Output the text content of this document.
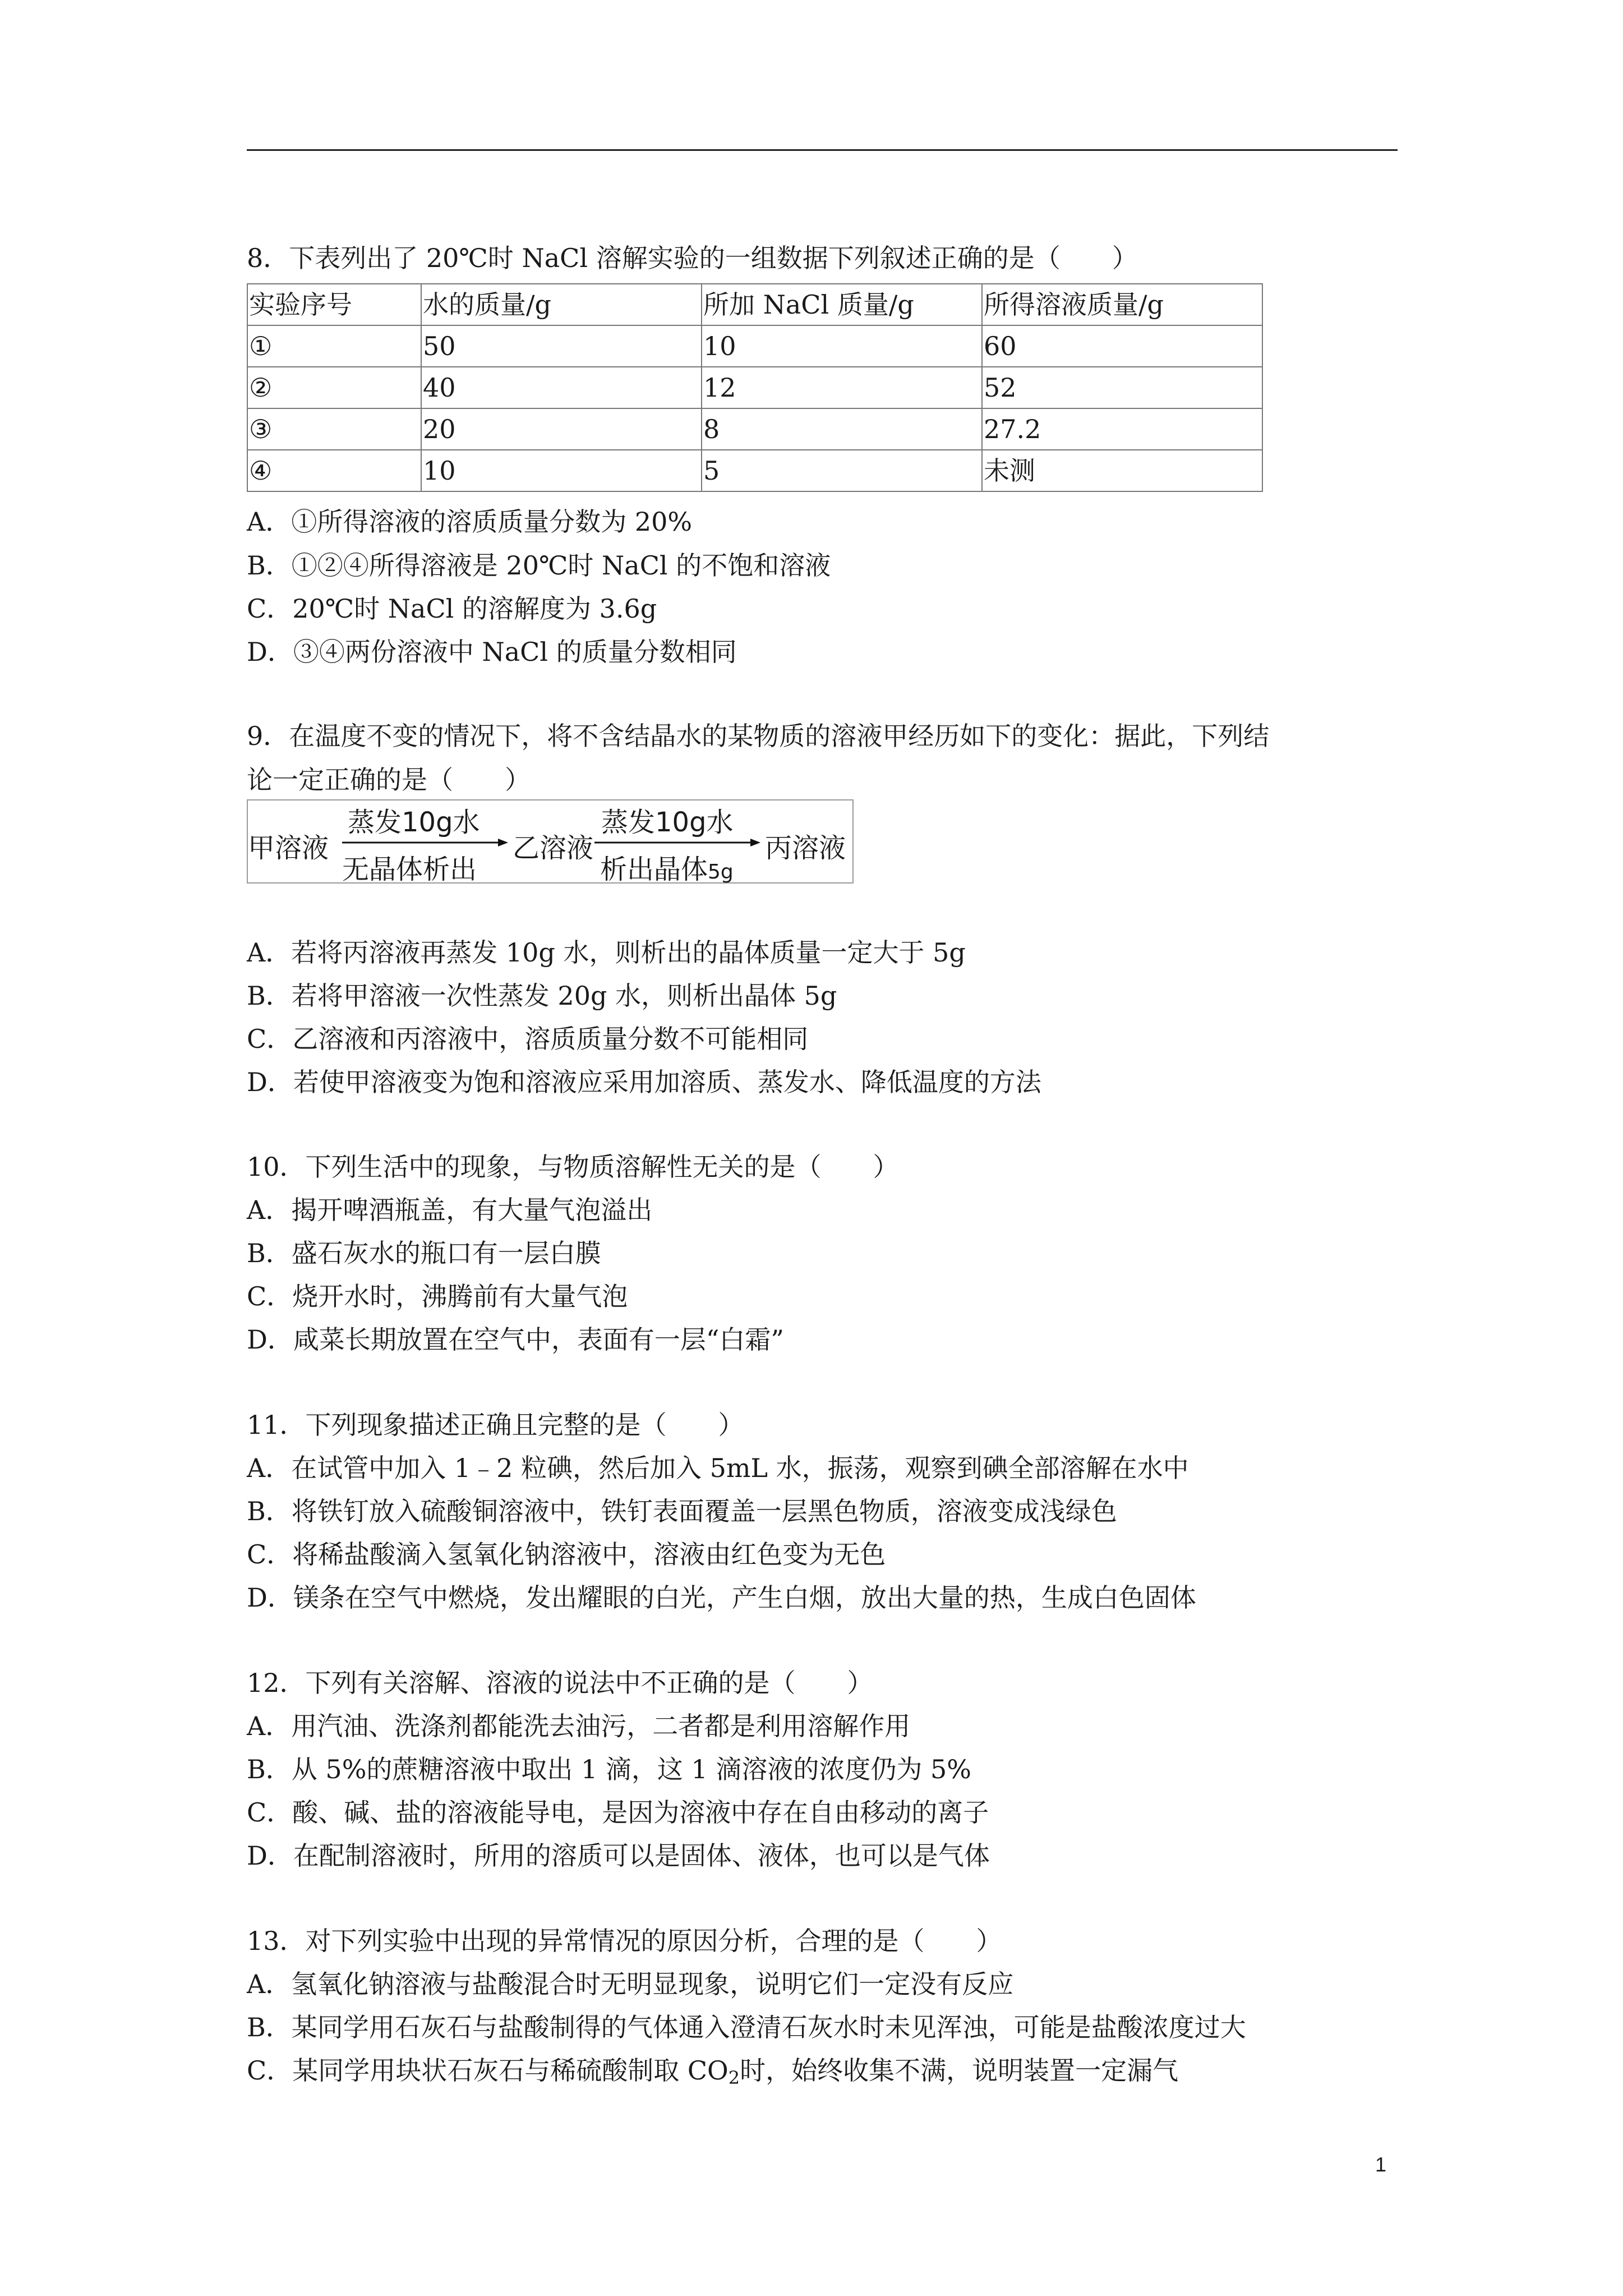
8．下表列出了 20℃时 NaCl 溶解实验的一组数据下列叙述正确的是（　　）
实验序号	水的质量/g	所加 NaCl 质量/g	所得溶液质量/g
①	50	10	60
②	40	12	52
③	20	8	27.2
④	10	5	未测
A．①所得溶液的溶质质量分数为 20%
B．①②④所得溶液是 20℃时 NaCl 的不饱和溶液
C．20℃时 NaCl 的溶解度为 3.6g
D．③④两份溶液中 NaCl 的质量分数相同
9．在温度不变的情况下，将不含结晶水的某物质的溶液甲经历如下的变化：据此，下列结
论一定正确的是（　　）
甲溶液
蒸发10g水
无晶体析出
乙溶液
蒸发10g水
析出晶体5g
丙溶液
A．若将丙溶液再蒸发 10g 水，则析出的晶体质量一定大于 5g
B．若将甲溶液一次性蒸发 20g 水，则析出晶体 5g
C．乙溶液和丙溶液中，溶质质量分数不可能相同
D．若使甲溶液变为饱和溶液应采用加溶质、蒸发水、降低温度的方法
10．下列生活中的现象，与物质溶解性无关的是（　　）
A．揭开啤酒瓶盖，有大量气泡溢出
B．盛石灰水的瓶口有一层白膜
C．烧开水时，沸腾前有大量气泡
D．咸菜长期放置在空气中，表面有一层“白霜”
11．下列现象描述正确且完整的是（　　）
A．在试管中加入 1﹣2 粒碘，然后加入 5mL 水，振荡，观察到碘全部溶解在水中
B．将铁钉放入硫酸铜溶液中，铁钉表面覆盖一层黑色物质，溶液变成浅绿色
C．将稀盐酸滴入氢氧化钠溶液中，溶液由红色变为无色
D．镁条在空气中燃烧，发出耀眼的白光，产生白烟，放出大量的热，生成白色固体
12．下列有关溶解、溶液的说法中不正确的是（　　）
A．用汽油、洗涤剂都能洗去油污，二者都是利用溶解作用
B．从 5%的蔗糖溶液中取出 1 滴，这 1 滴溶液的浓度仍为 5%
C．酸、碱、盐的溶液能导电，是因为溶液中存在自由移动的离子
D．在配制溶液时，所用的溶质可以是固体、液体，也可以是气体
13．对下列实验中出现的异常情况的原因分析，合理的是（　　）
A．氢氧化钠溶液与盐酸混合时无明显现象，说明它们一定没有反应
B．某同学用石灰石与盐酸制得的气体通入澄清石灰水时未见浑浊，可能是盐酸浓度过大
C．某同学用块状石灰石与稀硫酸制取 $CO_2$时，始终收集不满，说明装置一定漏气
1
